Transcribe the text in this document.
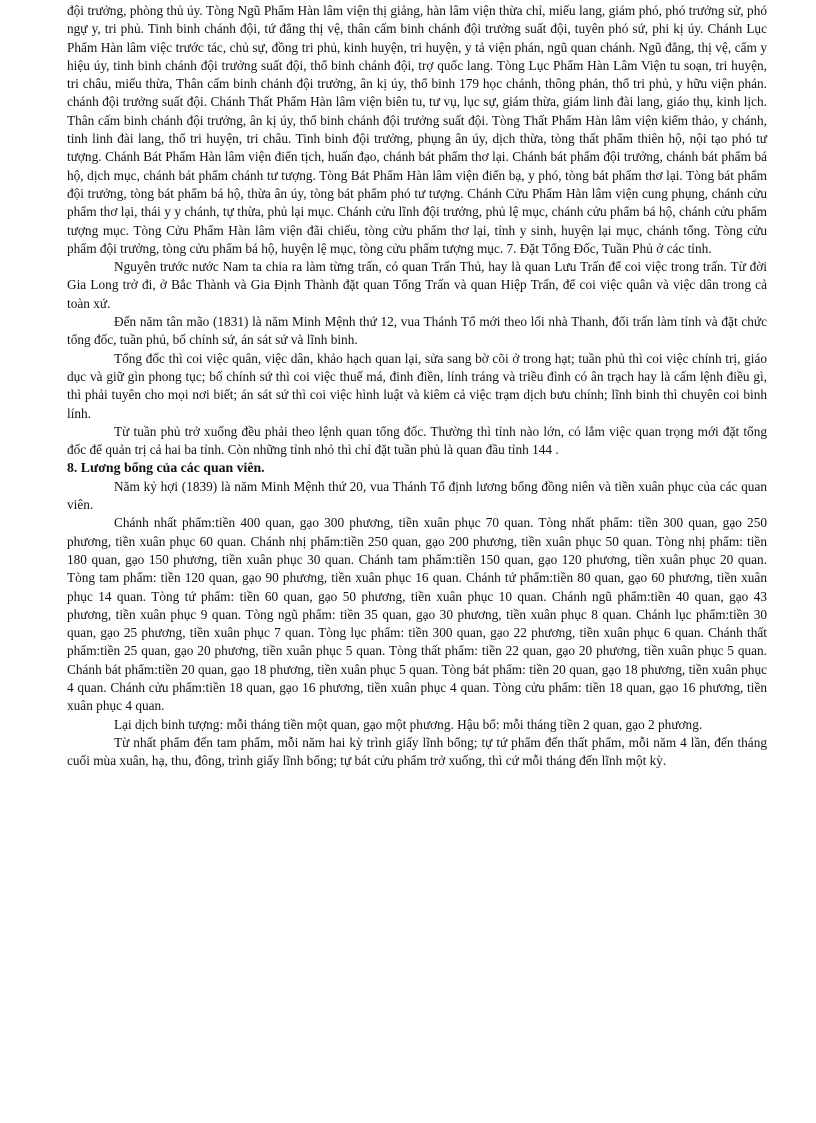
đội trưởng, phòng thủ úy. Tòng Ngũ Phẩm Hàn lâm viện thị giảng, hàn lâm viện thừa chỉ, miếu lang, giám phó, phó trưởng sử, phó ngự y, tri phủ. Tinh binh chánh đội, tứ đẳng thị vệ, thân cấm binh chánh đội trưởng suất đội, tuyên phó sứ, phi kị úy. Chánh Lục Phẩm Hàn lâm việc trước tác, chủ sự, đồng tri phủ, kinh huyện, tri huyện, y tả viện phán, ngũ quan chánh. Ngũ đẳng, thị vệ, cẩm y hiệu úy, tinh binh chánh đội trưởng suất đội, thổ binh chánh đội, trợ quốc lang. Tòng Lục Phẩm Hàn Lâm Viện tu soạn, tri huyện, tri châu, miếu thừa, Thân cấm binh chánh đội trưởng, ân kị úy, thổ binh 179 học chánh, thông phán, thổ tri phủ, y hữu viện phán. chánh đội trưởng suất đội. Chánh Thất Phẩm Hàn lâm viện biên tu, tư vụ, lục sự, giám thừa, giám linh đài lang, giáo thụ, kinh lịch. Thân cấm binh chánh đội trưởng, ân kị úy, thổ binh chánh đội trưởng suất đội. Tòng Thất Phẩm Hàn lâm viện kiểm thảo, y chánh, tinh linh đài lang, thổ tri huyện, tri châu. Tinh binh đội trưởng, phụng ân úy, dịch thừa, tòng thất phẩm thiên hộ, nội tạo phó tư tượng. Chánh Bát Phẩm Hàn lâm viện điển tịch, huấn đạo, chánh bát phẩm thơ lại. Chánh bát phẩm đội trưởng, chánh bát phẩm bá hộ, dịch mục, chánh bát phẩm chánh tư tượng. Tòng Bát Phẩm Hàn lâm viện điển bạ, y phó, tòng bát phẩm thơ lại. Tòng bát phẩm đội trưởng, tòng bát phẩm bá hộ, thừa ân úy, tòng bát phẩm phó tư tượng. Chánh Cửu Phẩm Hàn lâm viện cung phụng, chánh cửu phẩm thơ lại, thái y y chánh, tự thừa, phủ lại mục. Chánh cửu lĩnh đội trưởng, phủ lệ mục, chánh cửu phẩm bá hộ, chánh cửu phẩm tượng mục. Tòng Cửu Phẩm Hàn lâm viện đãi chiếu, tòng cửu phẩm thơ lại, tỉnh y sinh, huyện lại mục, chánh tổng. Tòng cửu phẩm đội trưởng, tòng cửu phẩm bá hộ, huyện lệ mục, tòng cửu phẩm tượng mục. 7. Đặt Tổng Đốc, Tuần Phủ ở các tỉnh.

Nguyên trước nước Nam ta chia ra làm từng trấn, có quan Trấn Thủ, hay là quan Lưu Trấn để coi việc trong trấn. Từ đời Gia Long trở đi, ở Bắc Thành và Gia Định Thành đặt quan Tổng Trấn và quan Hiệp Trấn, để coi việc quân và việc dân trong cả toàn xứ.

Đến năm tân mão (1831) là năm Minh Mệnh thứ 12, vua Thánh Tổ mới theo lối nhà Thanh, đổi trấn làm tỉnh và đặt chức tổng đốc, tuần phủ, bố chính sứ, án sát sứ và lĩnh binh.

Tổng đốc thì coi việc quân, việc dân, khảo hạch quan lại, sửa sang bờ cõi ở trong hạt; tuần phủ thì coi việc chính trị, giáo dục và giữ gìn phong tục; bố chính sứ thì coi việc thuế má, đinh điền, lính tráng và triều đình có ân trạch hay là cấm lệnh điều gì, thì phải tuyên cho mọi nơi biết; án sát sứ thì coi việc hình luật và kiêm cả việc trạm dịch bưu chính; lĩnh binh thì chuyên coi binh lính.

Từ tuần phủ trở xuống đều phải theo lệnh quan tổng đốc. Thường thì tỉnh nào lớn, có lắm việc quan trọng mới đặt tổng đốc để quản trị cả hai ba tỉnh. Còn những tỉnh nhỏ thì chỉ đặt tuần phủ là quan đầu tỉnh 144 .

8. Lương bổng của các quan viên.

Năm kỷ hợi (1839) là năm Minh Mệnh thứ 20, vua Thánh Tổ định lương bổng đồng niên và tiền xuân phục của các quan viên.

Chánh nhất phẩm:tiền 400 quan, gạo 300 phương, tiền xuân phục 70 quan. Tòng nhất phẩm: tiền 300 quan, gạo 250 phương, tiền xuân phục 60 quan. Chánh nhị phẩm:tiền 250 quan, gạo 200 phương, tiền xuân phục 50 quan. Tòng nhị phẩm: tiền 180 quan, gạo 150 phương, tiền xuân phục 30 quan. Chánh tam phẩm:tiền 150 quan, gạo 120 phương, tiền xuân phục 20 quan. Tòng tam phẩm: tiền 120 quan, gạo 90 phương, tiền xuân phục 16 quan. Chánh tứ phẩm:tiền 80 quan, gạo 60 phương, tiền xuân phục 14 quan. Tòng tứ phẩm: tiền 60 quan, gạo 50 phương, tiền xuân phục 10 quan. Chánh ngũ phẩm:tiền 40 quan, gạo 43 phương, tiền xuân phục 9 quan. Tòng ngũ phẩm: tiền 35 quan, gạo 30 phương, tiền xuân phục 8 quan. Chánh lục phẩm:tiền 30 quan, gạo 25 phương, tiền xuân phục 7 quan. Tòng lục phẩm: tiền 300 quan, gạo 22 phương, tiền xuân phục 6 quan. Chánh thất phẩm:tiền 25 quan, gạo 20 phương, tiền xuân phục 5 quan. Tòng thất phẩm: tiền 22 quan, gạo 20 phương, tiền xuân phục 5 quan. Chánh bát phẩm:tiền 20 quan, gạo 18 phương, tiền xuân phục 5 quan. Tòng bát phẩm: tiền 20 quan, gạo 18 phương, tiền xuân phục 4 quan. Chánh cửu phẩm:tiền 18 quan, gạo 16 phương, tiền xuân phục 4 quan. Tòng cửu phẩm: tiền 18 quan, gạo 16 phương, tiền xuân phục 4 quan.

Lại dịch binh tượng: mỗi tháng tiền một quan, gạo một phương. Hậu bổ: mỗi tháng tiền 2 quan, gạo 2 phương.

Từ nhất phẩm đến tam phẩm, mỗi năm hai kỳ trình giấy lĩnh bổng; tự tứ phẩm đến thất phẩm, mỗi năm 4 lần, đến tháng cuối mùa xuân, hạ, thu, đông, trình giấy lĩnh bổng; tự bát cửu phẩm trở xuống, thì cứ mỗi tháng đến lĩnh một kỳ.
